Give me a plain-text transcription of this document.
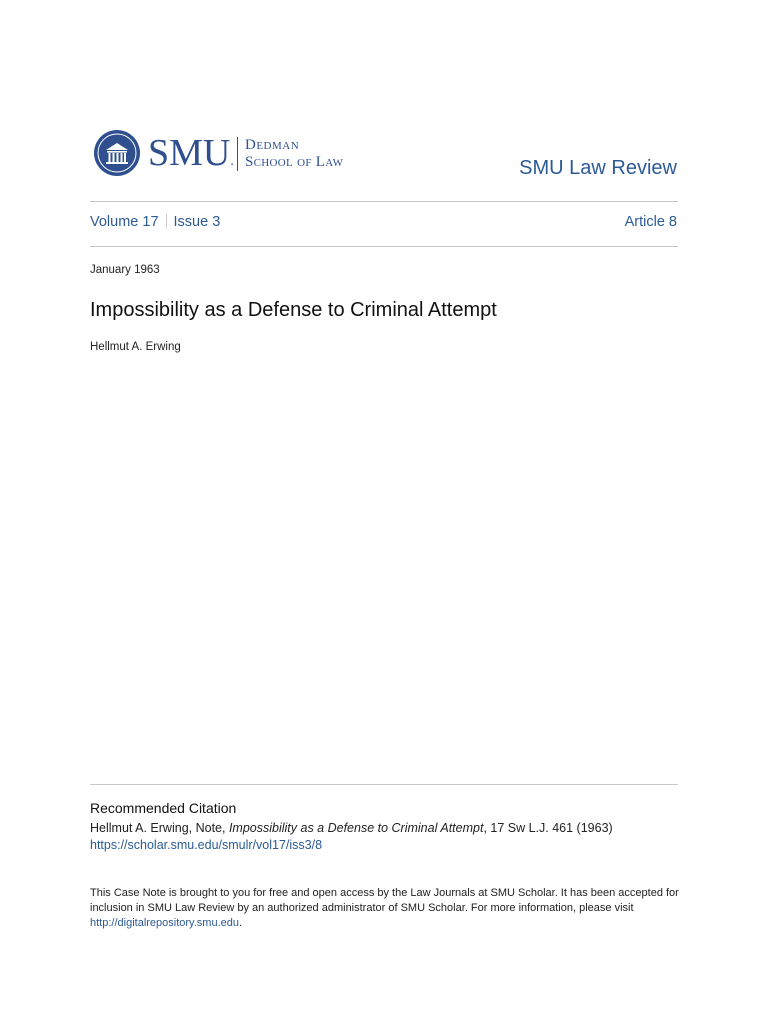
SMU.
Dedman
School of Law	SMU Law Review
Volume 17 Issue 3	Article 8
January 1963
Impossibility as a Defense to Criminal Attempt
Hellmut A. Erwing
Recommended Citation
Hellmut A. Erwing, Note, Impossibility as a Defense to Criminal Attempt, 17 Sw L.J. 461 (1963)
https://scholar.smu.edu/smulr/vol17/iss3/8
This Case Note is brought to you for free and open access by the Law Journals at SMU Scholar. It has been accepted for inclusion in SMU Law Review by an authorized administrator of SMU Scholar. For more information, please visit http://digitalrepository.smu.edu.
